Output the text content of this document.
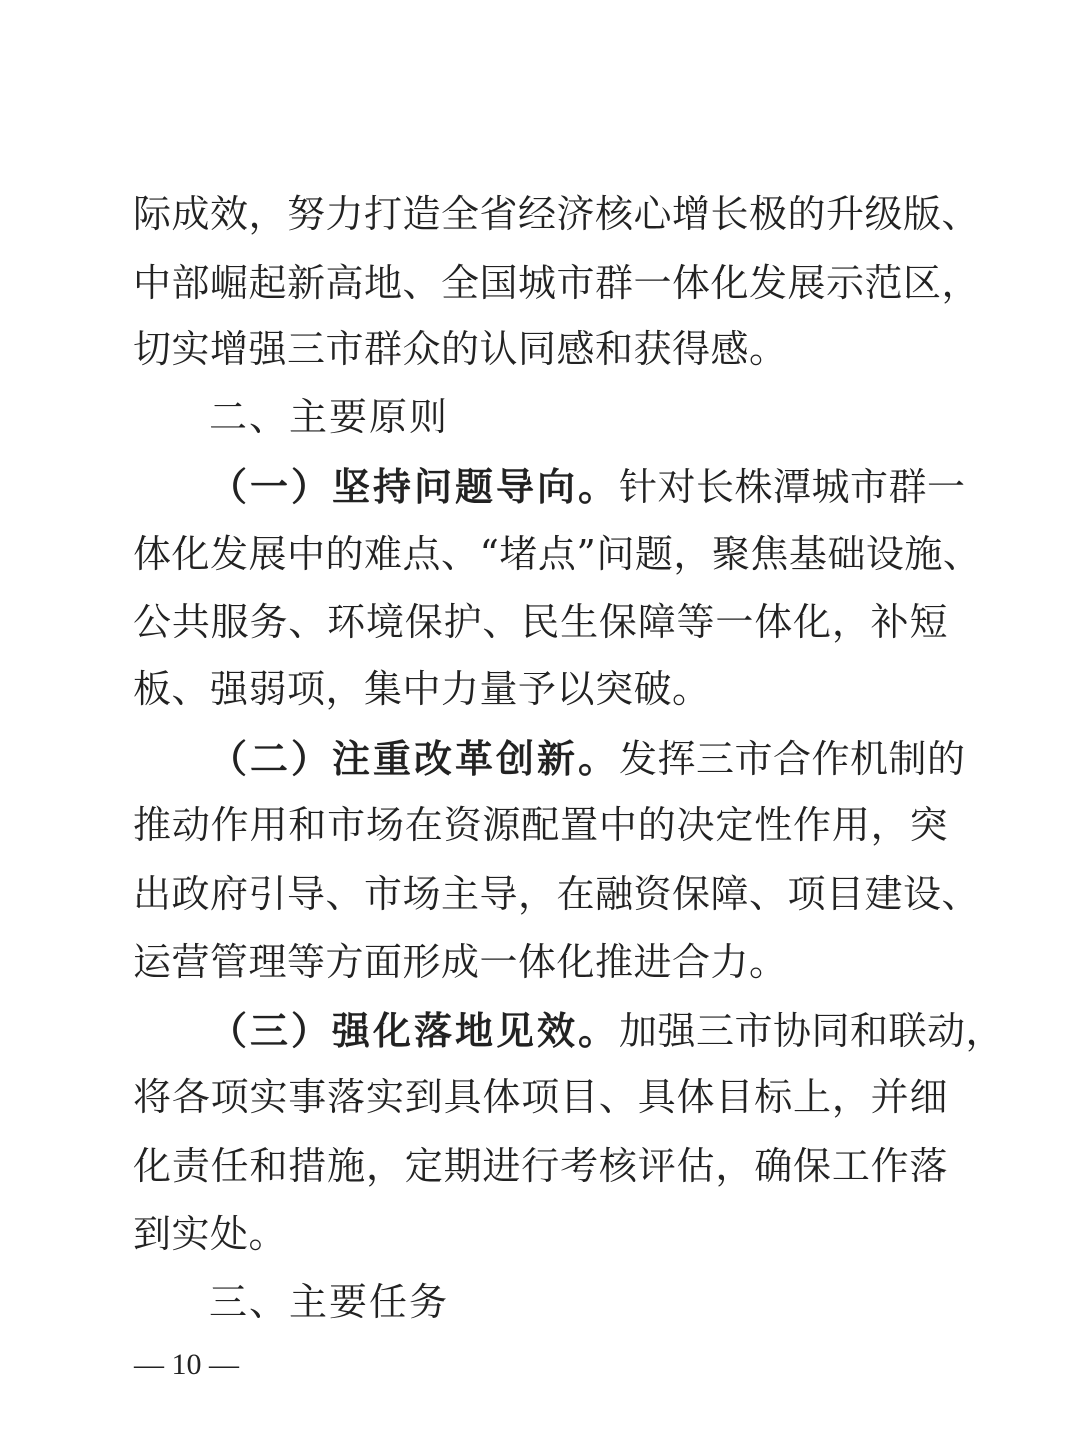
际成效，努力打造全省经济核心增长极的升级版、
中部崛起新高地、全国城市群一体化发展示范区，
切实增强三市群众的认同感和获得感。
二、主要原则
（一）坚持问题导向。针对长株潭城市群一
体化发展中的难点、“堵点”问题，聚焦基础设施、
公共服务、环境保护、民生保障等一体化，补短
板、强弱项，集中力量予以突破。
（二）注重改革创新。发挥三市合作机制的
推动作用和市场在资源配置中的决定性作用，突
出政府引导、市场主导，在融资保障、项目建设、
运营管理等方面形成一体化推进合力。
（三）强化落地见效。加强三市协同和联动，
将各项实事落实到具体项目、具体目标上，并细
化责任和措施，定期进行考核评估，确保工作落
到实处。
三、主要任务
— 10 —
